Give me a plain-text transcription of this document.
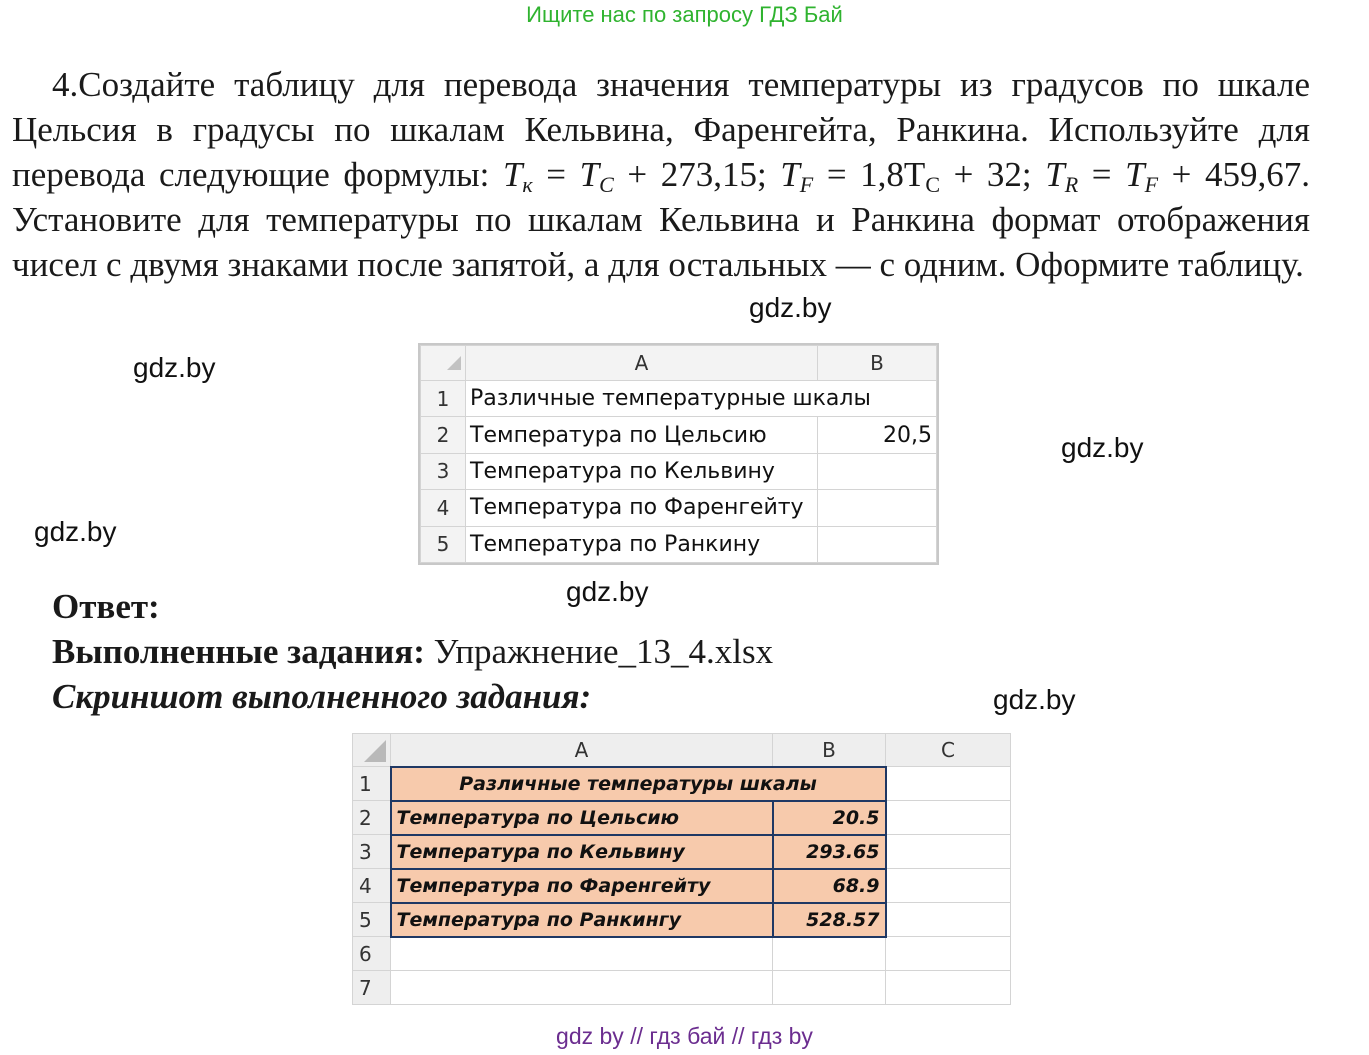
Ищите нас по запросу ГДЗ Бай
4.Создайте таблицу для перевода значения температуры из градусов по шкале Цельсия в градусы по шкалам Кельвина, Фаренгейта, Ранкина. Используйте для перевода следующие формулы: $T_к = T_C + 273,15$; $T_F = 1,8T_C + 32$; $T_R = T_F + 459,67$. Установите для температуры по шкалам Кельвина и Ранкина формат отображения чисел с двумя знаками после запятой, а для остальных — с одним. Оформите таблицу.
gdz.by
gdz.by
gdz.by
gdz.by
gdz.by
gdz.by
	A	B
1	Различные температурные шкалы	
2	Температура по Цельсию	20,5
3	Температура по Кельвину	
4	Температура по Фаренгейту	
5	Температура по Ранкину	
Ответ:
Выполненные задания: Упражнение_13_4.xlsx
Скриншот выполненного задания:
	A	B	C
1	Различные температуры шкалы		
2	Температура по Цельсию	20.5	
3	Температура по Кельвину	293.65	
4	Температура по Фаренгейту	68.9	
5	Температура по Ранкингу	528.57	
6			
7			
gdz by // гдз бай // гдз by
